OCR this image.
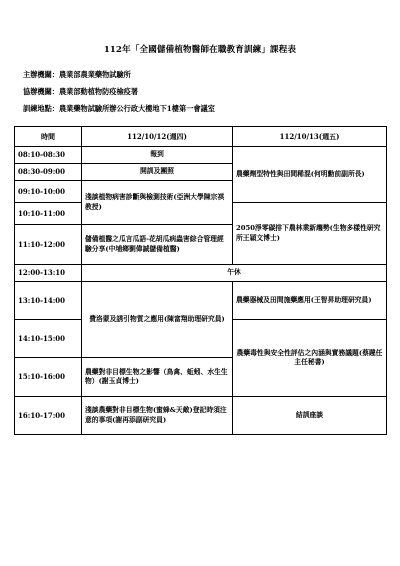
112年「全國儲備植物醫師在職教育訓練」課程表
主辦機關：農業部農業藥物試驗所
協辦機關：農業部動植物防疫檢疫署
訓練地點：農業藥物試驗所辦公行政大樓地下1樓第一會議室
時間	112/10/12(週四)	112/10/13(週五)
08:10-08:30	報到	農藥劑型特性與田間稀混(何明勳前副所長)
08:30-09:00	開訓及團照	
09:10-10:00	淺談植物病害診斷與檢測技術(亞洲大學陳宗祺教授)	
10:10-11:00		2050淨零碳排下農林業新趨勢(生物多樣性研究所王穎文博士)
11:10-12:00	儲備植醫之瓜言瓜語-花胡瓜病蟲害綜合管理經驗分享(中埔鄉劉偉誠儲備植醫)	
12:00-13:10	午休	
13:10-14:00	費洛蒙及誘引物質之應用(陳富翔助理研究員)	農藥器械及田間施藥應用(王智昇助理研究員)
14:10-15:00		農藥毒性與安全性評估之內涵與實務議題(蔡韙任主任秘書)
15:10-16:00	農藥對非目標生物之影響（鳥禽、蚯蚓、水生生物）(謝玉貞博士)	
16:10-17:00	淺談農藥對非目標生物(蜜蜂&天敵)登記時須注意的事項(謝再添副研究員)	結訓座談
